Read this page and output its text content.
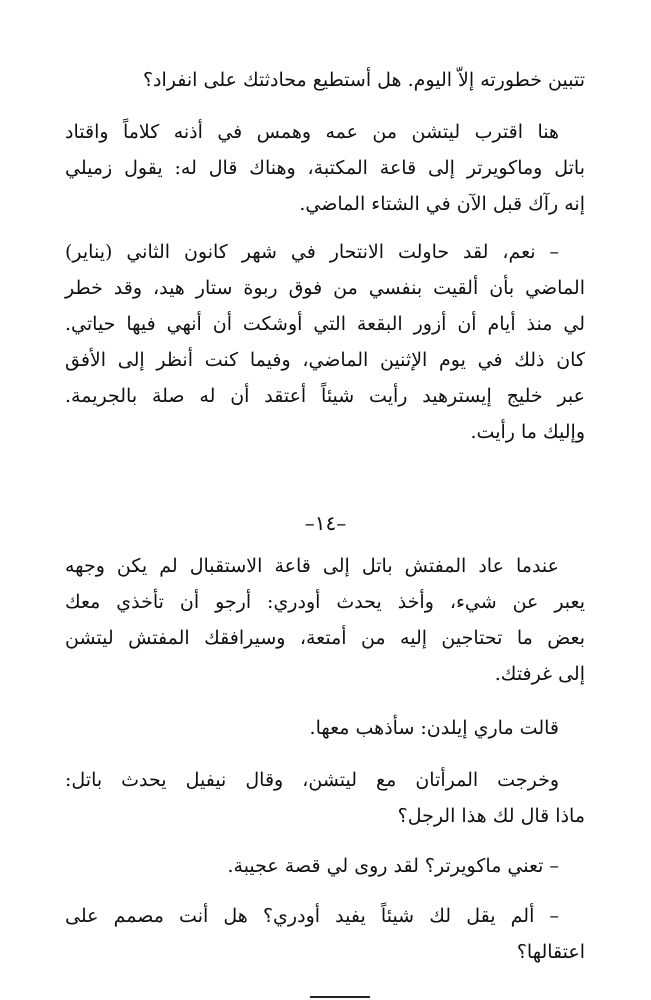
تتبين خطورته إلاّ اليوم. هل أستطيع محادثتك على انفراد؟
هنا اقترب ليتشن من عمه وهمس في أذنه كلاماً واقتاد
باتل وماكويرتر إلى قاعة المكتبة، وهناك قال له: يقول زميلي
إنه رآك قبل الآن في الشتاء الماضي.
– نعم، لقد حاولت الانتحار في شهر كانون الثاني (يناير)
الماضي بأن ألقيت بنفسي من فوق ربوة ستار هيد، وقد خطر
لي منذ أيام أن أزور البقعة التي أوشكت أن أنهي فيها حياتي.
كان ذلك في يوم الإثنين الماضي، وفيما كنت أنظر إلى الأفق
عبر خليج إيسترهيد رأيت شيئاً أعتقد أن له صلة بالجريمة.
وإليك ما رأيت.
–١٤–
عندما عاد المفتش باتل إلى قاعة الاستقبال لم يكن وجهه
يعبر عن شيء، وأخذ يحدث أودري: أرجو أن تأخذي معك
بعض ما تحتاجين إليه من أمتعة، وسيرافقك المفتش ليتشن
إلى غرفتك.
قالت ماري إيلدن: سأذهب معها.
وخرجت المرأتان مع ليتشن، وقال نيفيل يحدث باتل:
ماذا قال لك هذا الرجل؟
– تعني ماكويرتر؟ لقد روى لي قصة عجيبة.
– ألم يقل لك شيئاً يفيد أودري؟ هل أنت مصمم على
اعتقالها؟
